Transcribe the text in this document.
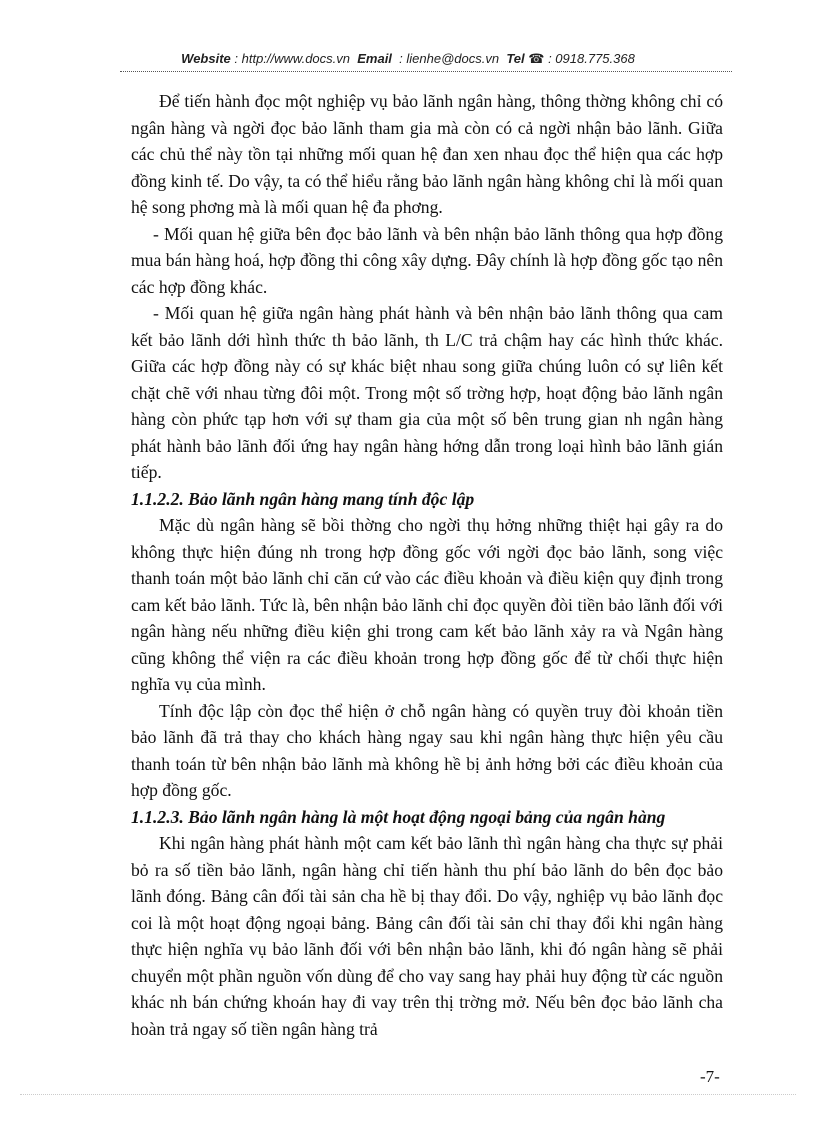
Website : http://www.docs.vn Email : lienhe@docs.vn Tel ☎ : 0918.775.368

Để tiến hành đọc một nghiệp vụ bảo lãnh ngân hàng, thông thờng không chỉ có ngân hàng và ngời đọc bảo lãnh tham gia mà còn có cả ngời nhận bảo lãnh. Giữa các chủ thể này tồn tại những mối quan hệ đan xen nhau đọc thể hiện qua các hợp đồng kinh tế. Do vậy, ta có thể hiểu rằng bảo lãnh ngân hàng không chỉ là mối quan hệ song phơng mà là mối quan hệ đa phơng.

- Mối quan hệ giữa bên đọc bảo lãnh và bên nhận bảo lãnh thông qua hợp đồng mua bán hàng hoá, hợp đồng thi công xây dựng. Đây chính là hợp đồng gốc tạo nên các hợp đồng khác.

- Mối quan hệ giữa ngân hàng phát hành và bên nhận bảo lãnh thông qua cam kết bảo lãnh dới hình thức th bảo lãnh, th L/C trả chậm hay các hình thức khác. Giữa các hợp đồng này có sự khác biệt nhau song giữa chúng luôn có sự liên kết chặt chẽ với nhau từng đôi một. Trong một số trờng hợp, hoạt động bảo lãnh ngân hàng còn phức tạp hơn với sự tham gia của một số bên trung gian nh ngân hàng phát hành bảo lãnh đối ứng hay ngân hàng hớng dẫn trong loại hình bảo lãnh gián tiếp.

1.1.2.2. Bảo lãnh ngân hàng mang tính độc lập

Mặc dù ngân hàng sẽ bồi thờng cho ngời thụ hởng những thiệt hại gây ra do không thực hiện đúng nh trong hợp đồng gốc với ngời đọc bảo lãnh, song việc thanh toán một bảo lãnh chỉ căn cứ vào các điều khoản và điều kiện quy định trong cam kết bảo lãnh. Tức là, bên nhận bảo lãnh chỉ đọc quyền đòi tiền bảo lãnh đối với ngân hàng nếu những điều kiện ghi trong cam kết bảo lãnh xảy ra và Ngân hàng cũng không thể viện ra các điều khoản trong hợp đồng gốc để từ chối thực hiện nghĩa vụ của mình.

Tính độc lập còn đọc thể hiện ở chỗ ngân hàng có quyền truy đòi khoản tiền bảo lãnh đã trả thay cho khách hàng ngay sau khi ngân hàng thực hiện yêu cầu thanh toán từ bên nhận bảo lãnh mà không hề bị ảnh hởng bởi các điều khoản của hợp đồng gốc.

1.1.2.3. Bảo lãnh ngân hàng là một hoạt động ngoại bảng của ngân hàng

Khi ngân hàng phát hành một cam kết bảo lãnh thì ngân hàng cha thực sự phải bỏ ra số tiền bảo lãnh, ngân hàng chỉ tiến hành thu phí bảo lãnh do bên đọc bảo lãnh đóng. Bảng cân đối tài sản cha hề bị thay đổi. Do vậy, nghiệp vụ bảo lãnh đọc coi là một hoạt động ngoại bảng. Bảng cân đối tài sản chỉ thay đổi khi ngân hàng thực hiện nghĩa vụ bảo lãnh đối với bên nhận bảo lãnh, khi đó ngân hàng sẽ phải chuyển một phần nguồn vốn dùng để cho vay sang hay phải huy động từ các nguồn khác nh bán chứng khoán hay đi vay trên thị trờng mở. Nếu bên đọc bảo lãnh cha hoàn trả ngay số tiền ngân hàng trả

-7-
